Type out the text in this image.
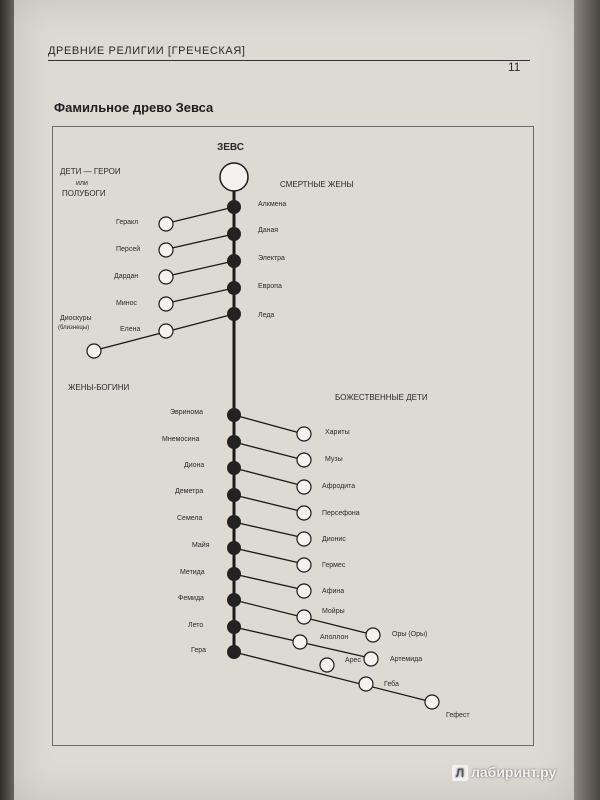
ДРЕВНИЕ РЕЛИГИИ [ГРЕЧЕСКАЯ]
11
Фамильное древо Зевса
ЗЕВС
ДЕТИ — ГЕРОИ
или
ПОЛУБОГИ
СМЕРТНЫЕ ЖЕНЫ
ЖЕНЫ-БОГИНИ
БОЖЕСТВЕННЫЕ ДЕТИ
Алкмена
Геракл
Даная
Персей
Электра
Дардан
Европа
Минос
Леда
Елена
Диоскуры
(близнецы)
Эвринома
Хариты
Мнемосина
Музы
Диона
Афродита
Деметра
Персефона
Семела
Дионис
Майя
Гермес
Метида
Афина
Фемида
Мойры
Оры (Оры)
Лето
Аполлон
Артемида
Гера
Арес
Геба
Гефест
Л лабиринт.ру
